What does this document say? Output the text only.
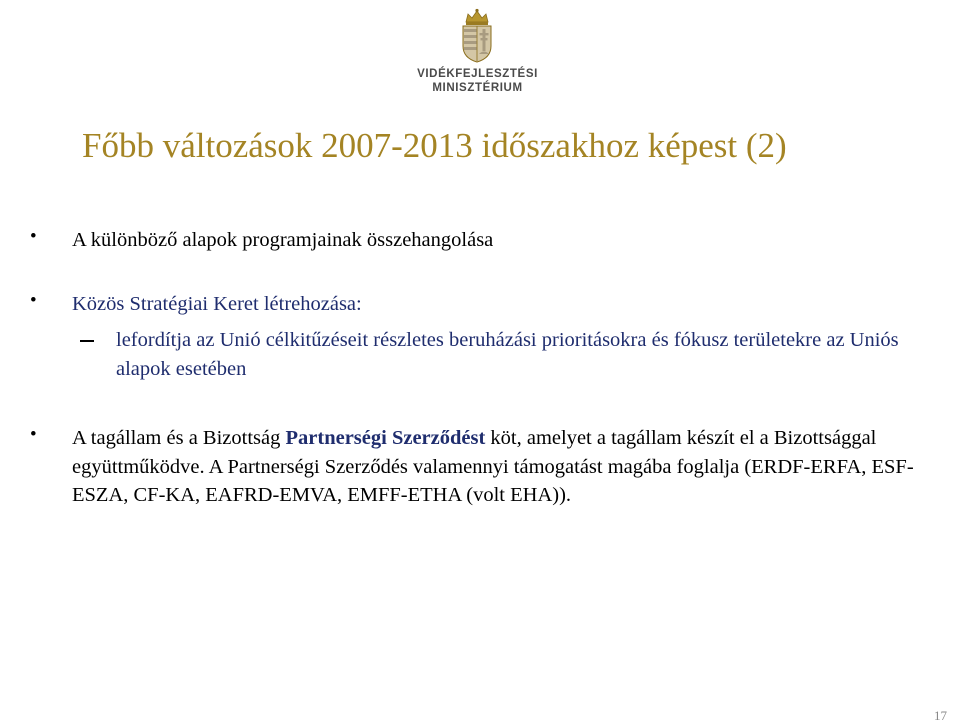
VIDÉKFEJLESZTÉSI
MINISZTÉRIUM
Főbb változások 2007-2013 időszakhoz képest (2)
• A különböző alapok programjainak összehangolása
• Közös Stratégiai Keret létrehozása:
lefordítja az Unió célkitűzéseit részletes beruházási prioritásokra és fókusz területekre az Uniós alapok esetében
• A tagállam és a Bizottság Partnerségi Szerződést köt, amelyet a tagállam készít el a Bizottsággal együttműködve. A Partnerségi Szerződés valamennyi támogatást magába foglalja (ERDF-ERFA, ESF-ESZA, CF-KA, EAFRD-EMVA, EMFF-ETHA (volt EHA)).
17
